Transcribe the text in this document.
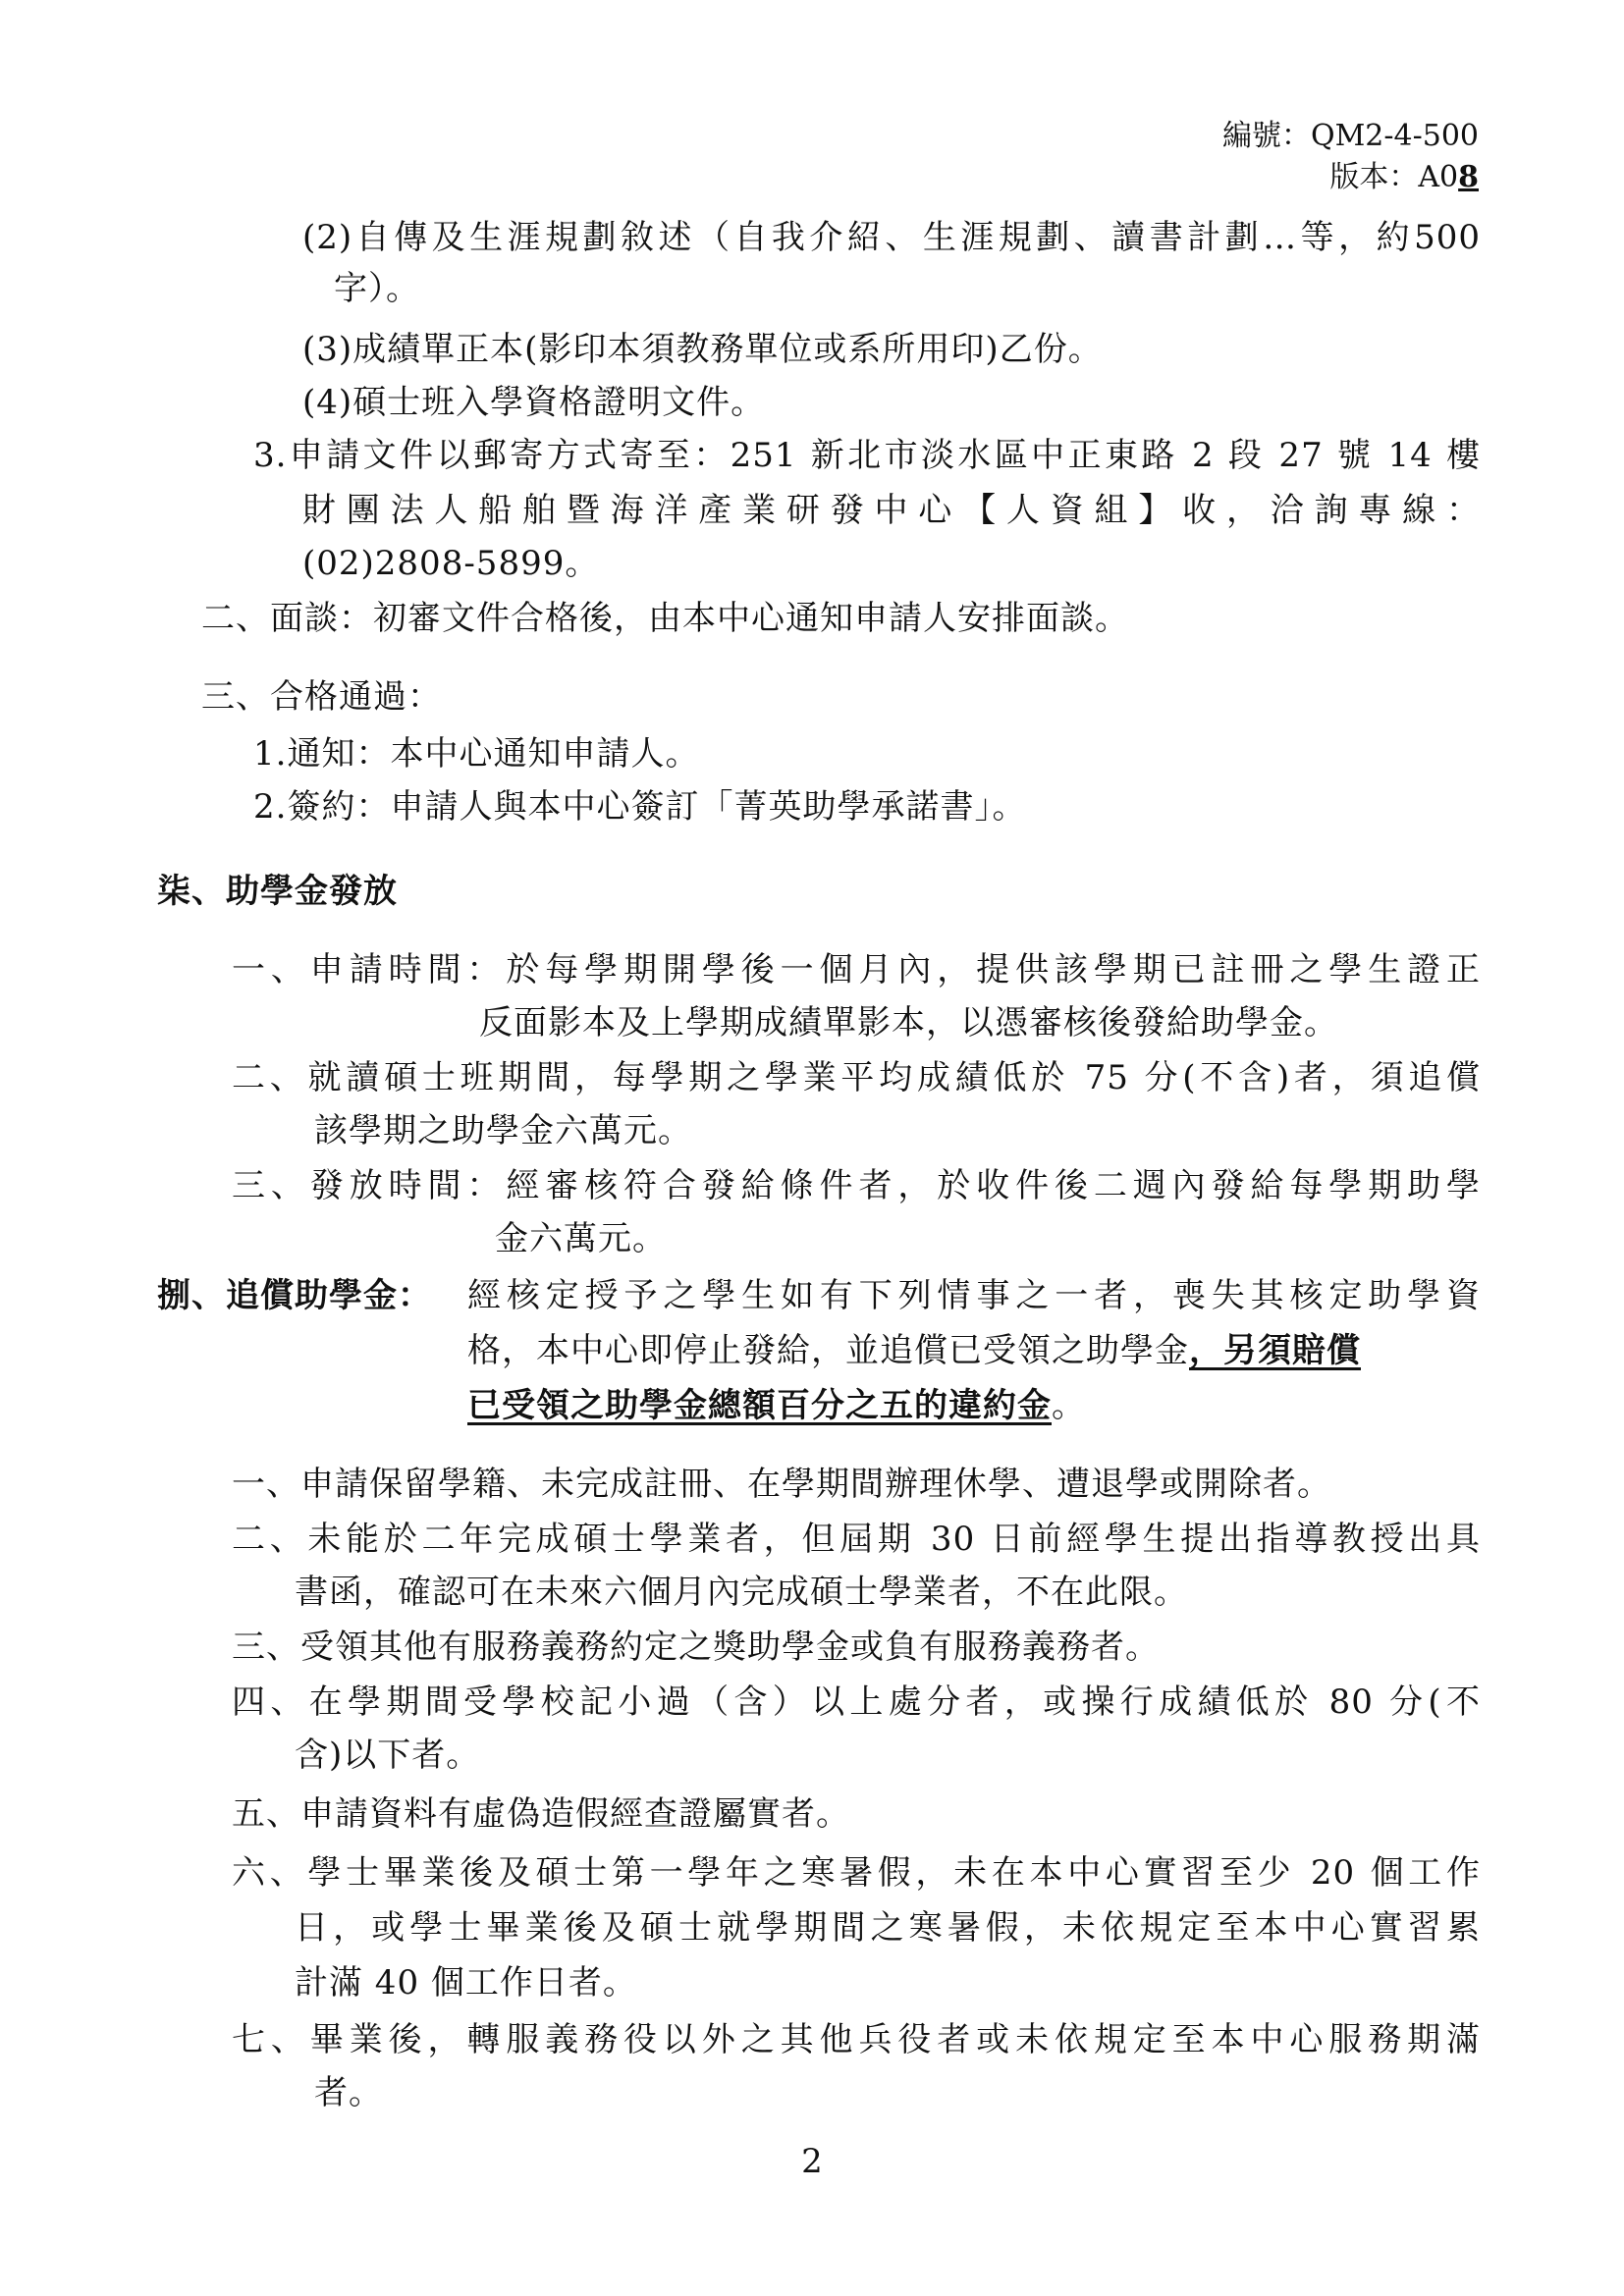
編號：QM2-4-500
版本：A08
(2)自傳及生涯規劃敘述（自我介紹、生涯規劃、讀書計劃…等，約500
字）。
(3)成績單正本(影印本須教務單位或系所用印)乙份。
(4)碩士班入學資格證明文件。
3.申請文件以郵寄方式寄至：251 新北市淡水區中正東路 2 段 27 號 14 樓
財團法人船舶暨海洋產業研發中心【人資組】收，洽詢專線：
(02)2808-5899。
二、面談：初審文件合格後，由本中心通知申請人安排面談。
三、合格通過：
1.通知：本中心通知申請人。
2.簽約：申請人與本中心簽訂「菁英助學承諾書」。
柒、助學金發放
一、申請時間：於每學期開學後一個月內，提供該學期已註冊之學生證正
反面影本及上學期成績單影本，以憑審核後發給助學金。
二、就讀碩士班期間，每學期之學業平均成績低於 75 分(不含)者，須追償
該學期之助學金六萬元。
三、發放時間：經審核符合發給條件者，於收件後二週內發給每學期助學
金六萬元。
捌、追償助學金： 經核定授予之學生如有下列情事之一者，喪失其核定助學資
格，本中心即停止發給，並追償已受領之助學金，另須賠償
已受領之助學金總額百分之五的違約金。
一、申請保留學籍、未完成註冊、在學期間辦理休學、遭退學或開除者。
二、未能於二年完成碩士學業者，但屆期 30 日前經學生提出指導教授出具
書函，確認可在未來六個月內完成碩士學業者，不在此限。
三、受領其他有服務義務約定之獎助學金或負有服務義務者。
四、在學期間受學校記小過（含）以上處分者，或操行成績低於 80 分(不
含)以下者。
五、申請資料有虛偽造假經查證屬實者。
六、學士畢業後及碩士第一學年之寒暑假，未在本中心實習至少 20 個工作
日，或學士畢業後及碩士就學期間之寒暑假，未依規定至本中心實習累
計滿 40 個工作日者。
七、畢業後，轉服義務役以外之其他兵役者或未依規定至本中心服務期滿
者。
2
